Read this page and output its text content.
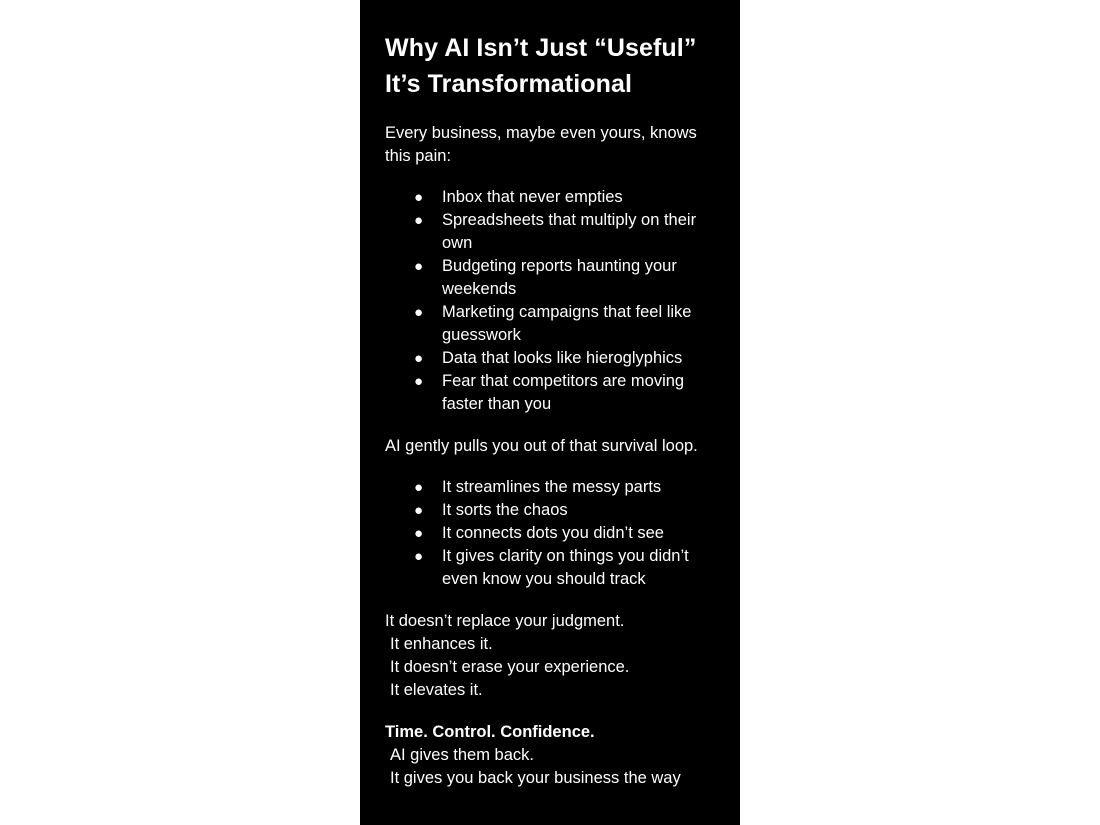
Why AI Isn’t Just “Useful” It’s Transformational

Every business, maybe even yours, knows this pain:

● Inbox that never empties
● Spreadsheets that multiply on their own
● Budgeting reports haunting your weekends
● Marketing campaigns that feel like guesswork
● Data that looks like hieroglyphics
● Fear that competitors are moving faster than you

AI gently pulls you out of that survival loop.

● It streamlines the messy parts
● It sorts the chaos
● It connects dots you didn’t see
● It gives clarity on things you didn’t even know you should track

It doesn’t replace your judgment.

It enhances it.

It doesn’t erase your experience.

It elevates it.

Time. Control. Confidence.

AI gives them back.

It gives you back your business the way
